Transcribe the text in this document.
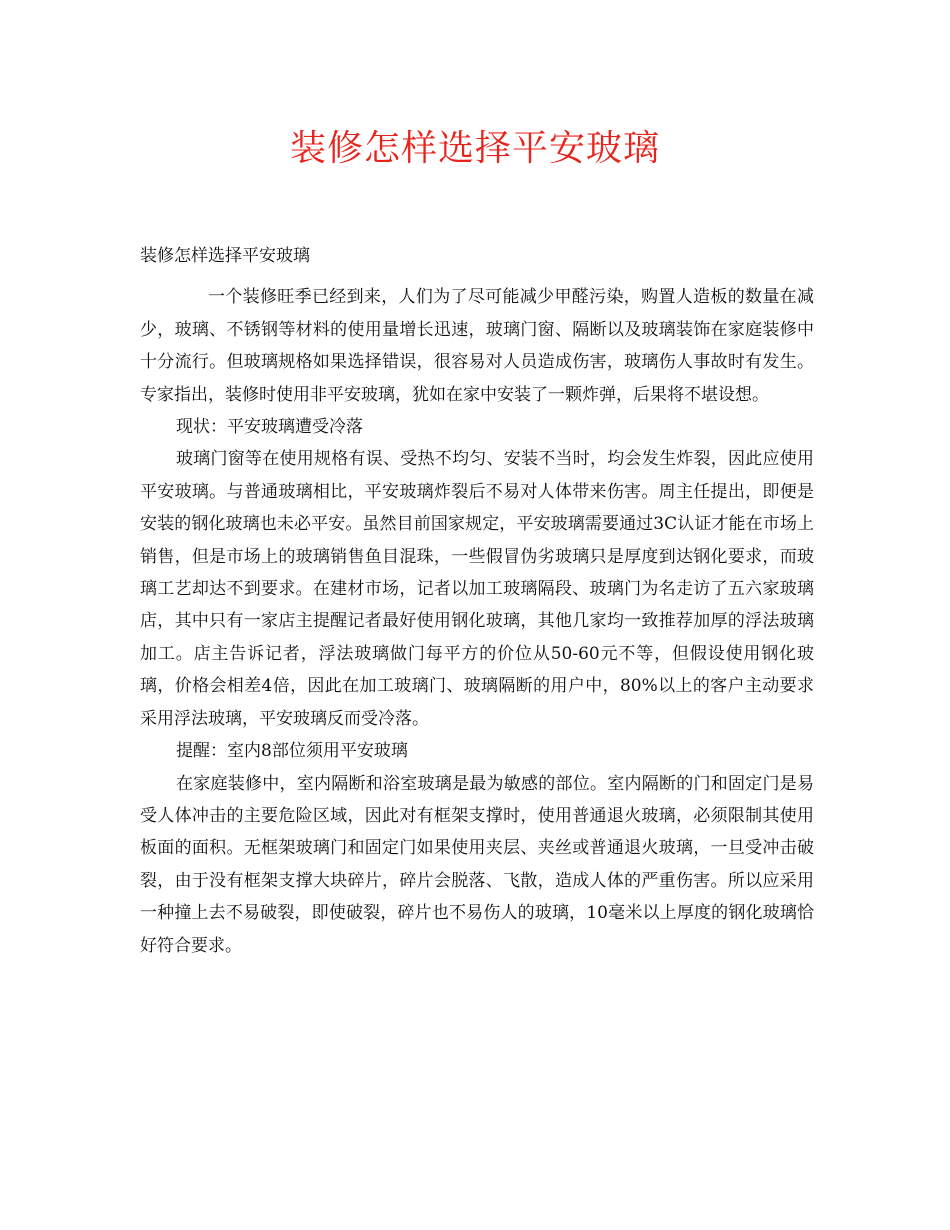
装修怎样选择平安玻璃

装修怎样选择平安玻璃

一个装修旺季已经到来，人们为了尽可能减少甲醛污染，购置人造板的数量在减少，玻璃、不锈钢等材料的使用量增长迅速，玻璃门窗、隔断以及玻璃装饰在家庭装修中十分流行。但玻璃规格如果选择错误，很容易对人员造成伤害，玻璃伤人事故时有发生。专家指出，装修时使用非平安玻璃，犹如在家中安装了一颗炸弹，后果将不堪设想。

现状：平安玻璃遭受冷落

玻璃门窗等在使用规格有误、受热不均匀、安装不当时，均会发生炸裂，因此应使用平安玻璃。与普通玻璃相比，平安玻璃炸裂后不易对人体带来伤害。周主任提出，即便是安装的钢化玻璃也未必平安。虽然目前国家规定，平安玻璃需要通过3C认证才能在市场上销售，但是市场上的玻璃销售鱼目混珠，一些假冒伪劣玻璃只是厚度到达钢化要求，而玻璃工艺却达不到要求。在建材市场，记者以加工玻璃隔段、玻璃门为名走访了五六家玻璃店，其中只有一家店主提醒记者最好使用钢化玻璃，其他几家均一致推荐加厚的浮法玻璃加工。店主告诉记者，浮法玻璃做门每平方的价位从50-60元不等，但假设使用钢化玻璃，价格会相差4倍，因此在加工玻璃门、玻璃隔断的用户中，80%以上的客户主动要求采用浮法玻璃，平安玻璃反而受冷落。

提醒：室内8部位须用平安玻璃

在家庭装修中，室内隔断和浴室玻璃是最为敏感的部位。室内隔断的门和固定门是易受人体冲击的主要危险区域，因此对有框架支撑时，使用普通退火玻璃，必须限制其使用板面的面积。无框架玻璃门和固定门如果使用夹层、夹丝或普通退火玻璃，一旦受冲击破裂，由于没有框架支撑大块碎片，碎片会脱落、飞散，造成人体的严重伤害。所以应采用一种撞上去不易破裂，即使破裂，碎片也不易伤人的玻璃，10毫米以上厚度的钢化玻璃恰好符合要求。
